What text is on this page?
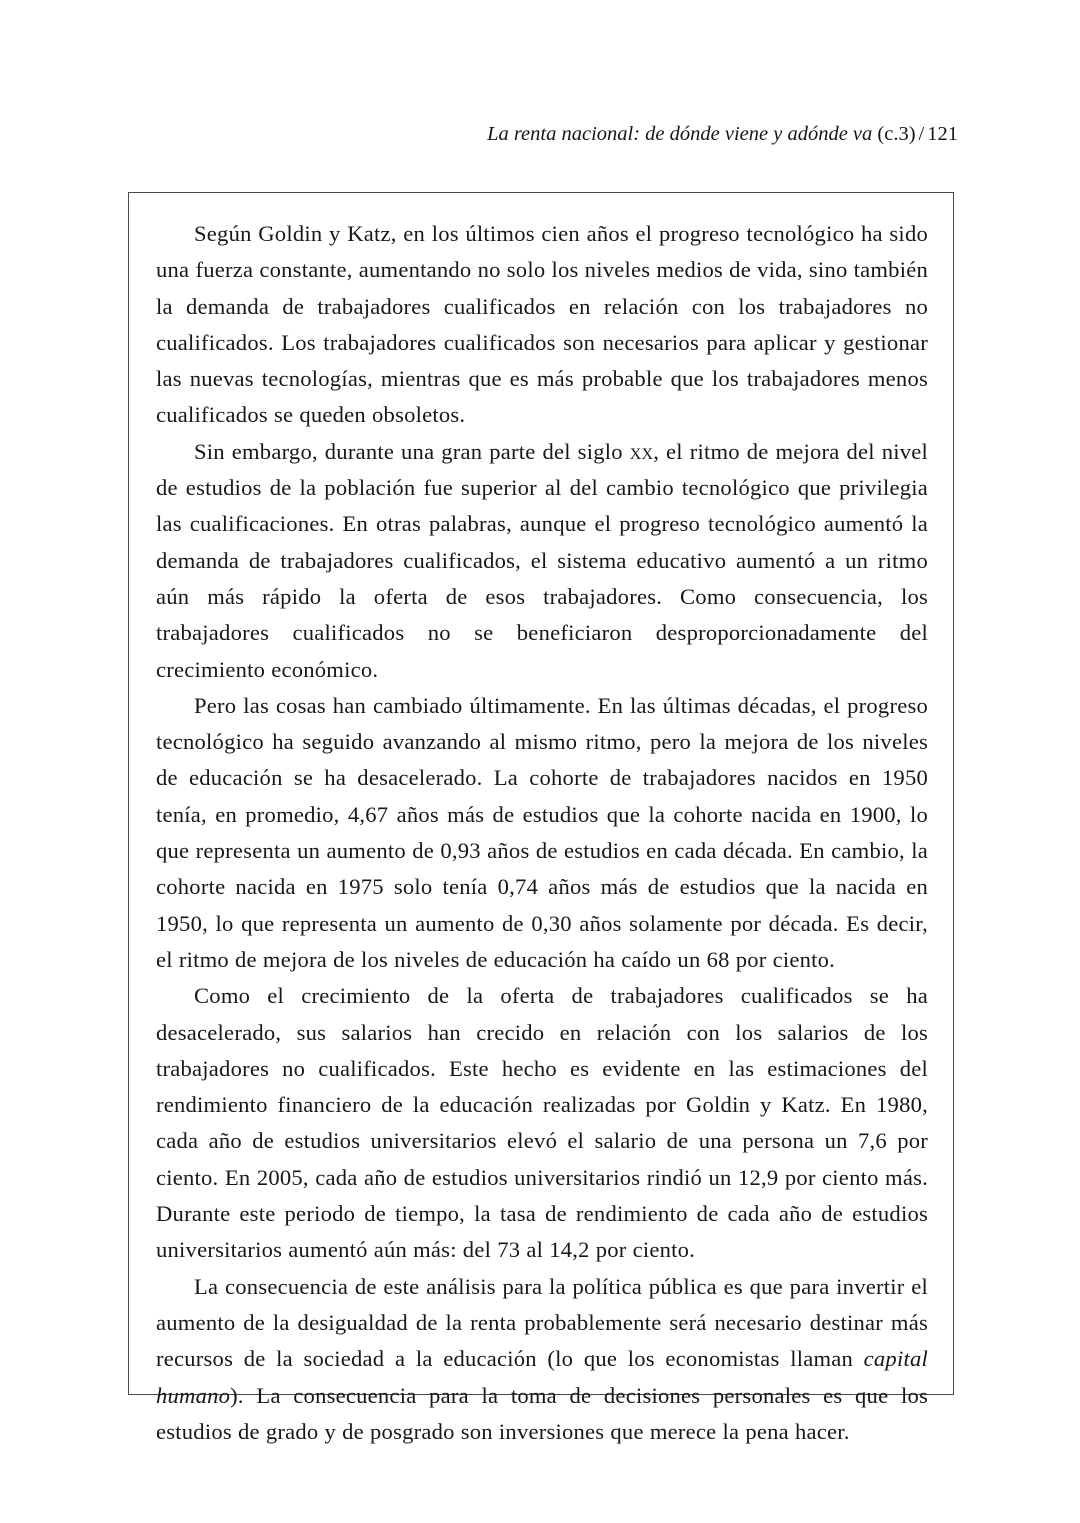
La renta nacional: de dónde viene y adónde va (c.3) / 121

Según Goldin y Katz, en los últimos cien años el progreso tecnológico ha sido una fuerza constante, aumentando no solo los niveles medios de vida, sino también la demanda de trabajadores cualificados en relación con los trabajadores no cualificados. Los trabajadores cualificados son necesarios para aplicar y gestionar las nuevas tecnologías, mientras que es más probable que los trabajadores menos cualificados se queden obsoletos.

Sin embargo, durante una gran parte del siglo xx, el ritmo de mejora del nivel de estudios de la población fue superior al del cambio tecnológico que privilegia las cualificaciones. En otras palabras, aunque el progreso tecnológico aumentó la demanda de trabajadores cualificados, el sistema educativo aumentó a un ritmo aún más rápido la oferta de esos trabajadores. Como consecuencia, los trabajadores cualificados no se beneficiaron desproporcionadamente del crecimiento económico.

Pero las cosas han cambiado últimamente. En las últimas décadas, el progreso tecnológico ha seguido avanzando al mismo ritmo, pero la mejora de los niveles de educación se ha desacelerado. La cohorte de trabajadores nacidos en 1950 tenía, en promedio, 4,67 años más de estudios que la cohorte nacida en 1900, lo que representa un aumento de 0,93 años de estudios en cada década. En cambio, la cohorte nacida en 1975 solo tenía 0,74 años más de estudios que la nacida en 1950, lo que representa un aumento de 0,30 años solamente por década. Es decir, el ritmo de mejora de los niveles de educación ha caído un 68 por ciento.

Como el crecimiento de la oferta de trabajadores cualificados se ha desacelerado, sus salarios han crecido en relación con los salarios de los trabajadores no cualificados. Este hecho es evidente en las estimaciones del rendimiento financiero de la educación realizadas por Goldin y Katz. En 1980, cada año de estudios universitarios elevó el salario de una persona un 7,6 por ciento. En 2005, cada año de estudios universitarios rindió un 12,9 por ciento más. Durante este periodo de tiempo, la tasa de rendimiento de cada año de estudios universitarios aumentó aún más: del 73 al 14,2 por ciento.

La consecuencia de este análisis para la política pública es que para invertir el aumento de la desigualdad de la renta probablemente será necesario destinar más recursos de la sociedad a la educación (lo que los economistas llaman capital humano). La consecuencia para la toma de decisiones personales es que los estudios de grado y de posgrado son inversiones que merece la pena hacer.
